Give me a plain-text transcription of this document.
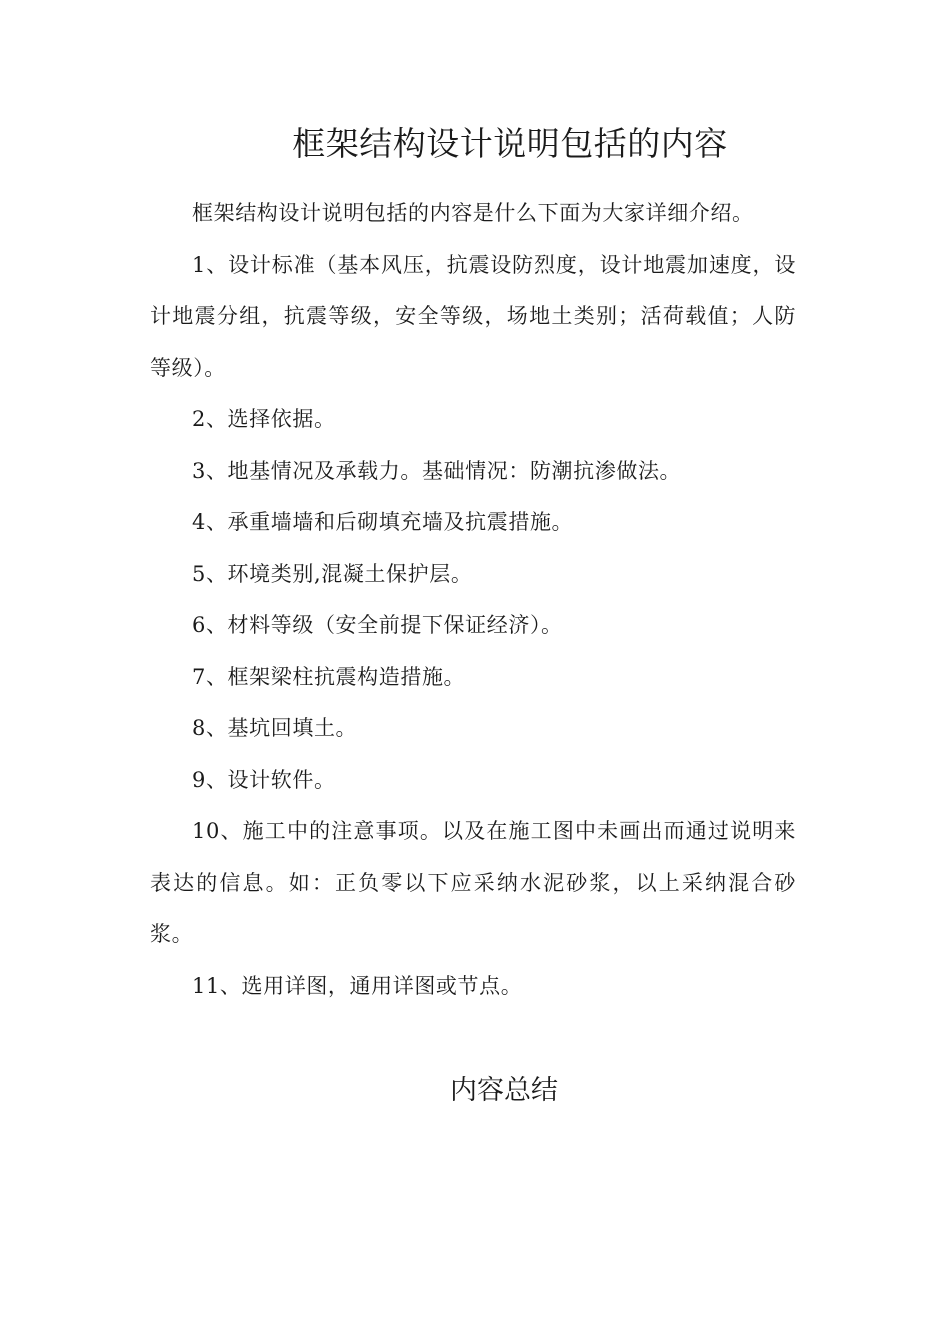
框架结构设计说明包括的内容

框架结构设计说明包括的内容是什么下面为大家详细介绍。

1、设计标准（基本风压，抗震设防烈度，设计地震加速度，设计地震分组，抗震等级，安全等级，场地土类别；活荷载值；人防等级）。

2、选择依据。

3、地基情况及承载力。基础情况：防潮抗渗做法。

4、承重墙墙和后砌填充墙及抗震措施。

5、环境类别,混凝土保护层。

6、材料等级（安全前提下保证经济）。

7、框架梁柱抗震构造措施。

8、基坑回填土。

9、设计软件。

10、施工中的注意事项。以及在施工图中未画出而通过说明来表达的信息。如：正负零以下应采纳水泥砂浆，以上采纳混合砂浆。

11、选用详图，通用详图或节点。

内容总结
